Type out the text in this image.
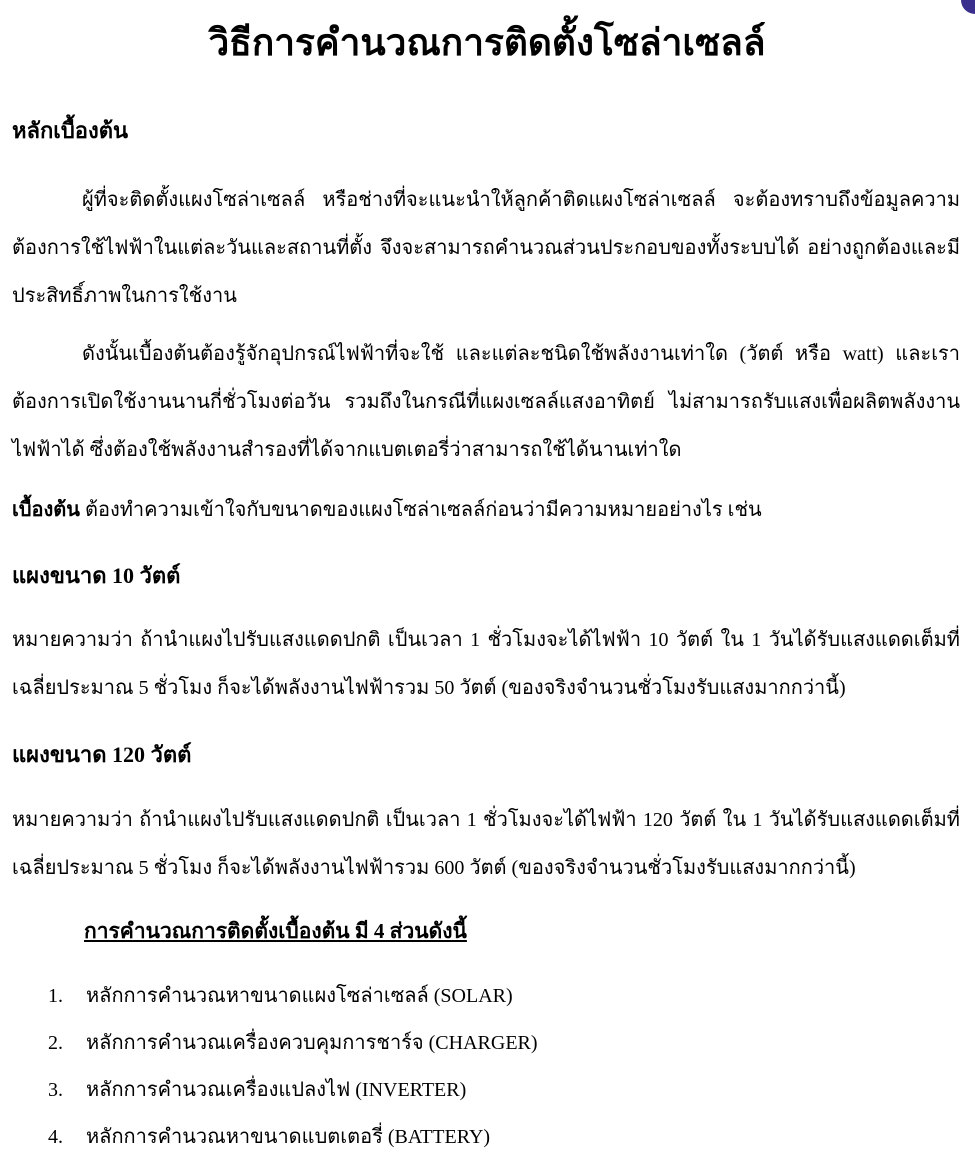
วิธีการคำนวณการติดตั้งโซล่าเซลล์

หลักเบื้องต้น

ผู้ที่จะติดตั้งแผงโซล่าเซลล์ หรือช่างที่จะแนะนำให้ลูกค้าติดแผงโซล่าเซลล์ จะต้องทราบถึงข้อมูลความต้องการใช้ไฟฟ้าในแต่ละวันและสถานที่ตั้ง จึงจะสามารถคำนวณส่วนประกอบของทั้งระบบได้ อย่างถูกต้องและมีประสิทธิ์ภาพในการใช้งาน

ดังนั้นเบื้องต้นต้องรู้จักอุปกรณ์ไฟฟ้าที่จะใช้ และแต่ละชนิดใช้พลังงานเท่าใด (วัตต์ หรือ watt) และเราต้องการเปิดใช้งานนานกี่ชั่วโมงต่อวัน รวมถึงในกรณีที่แผงเซลล์แสงอาทิตย์ ไม่สามารถรับแสงเพื่อผลิตพลังงานไฟฟ้าได้ ซึ่งต้องใช้พลังงานสำรองที่ได้จากแบตเตอรี่ว่าสามารถใช้ได้นานเท่าใด

เบื้องต้น ต้องทำความเข้าใจกับขนาดของแผงโซล่าเซลล์ก่อนว่ามีความหมายอย่างไร เช่น

แผงขนาด 10 วัตต์

หมายความว่า ถ้านำแผงไปรับแสงแดดปกติ เป็นเวลา 1 ชั่วโมงจะได้ไฟฟ้า 10 วัตต์ ใน 1 วันได้รับแสงแดดเต็มที่เฉลี่ยประมาณ 5 ชั่วโมง ก็จะได้พลังงานไฟฟ้ารวม 50 วัตต์ (ของจริงจำนวนชั่วโมงรับแสงมากกว่านี้)

แผงขนาด 120 วัตต์

หมายความว่า ถ้านำแผงไปรับแสงแดดปกติ เป็นเวลา 1 ชั่วโมงจะได้ไฟฟ้า 120 วัตต์ ใน 1 วันได้รับแสงแดดเต็มที่เฉลี่ยประมาณ 5 ชั่วโมง ก็จะได้พลังงานไฟฟ้ารวม 600 วัตต์ (ของจริงจำนวนชั่วโมงรับแสงมากกว่านี้)

การคำนวณการติดตั้งเบื้องต้น มี 4 ส่วนดังนี้

1.	หลักการคำนวณหาขนาดแผงโซล่าเซลล์ (SOLAR)
2.	หลักการคำนวณเครื่องควบคุมการชาร์จ (CHARGER)
3.	หลักการคำนวณเครื่องแปลงไฟ (INVERTER)
4.	หลักการคำนวณหาขนาดแบตเตอรี่ (BATTERY)
